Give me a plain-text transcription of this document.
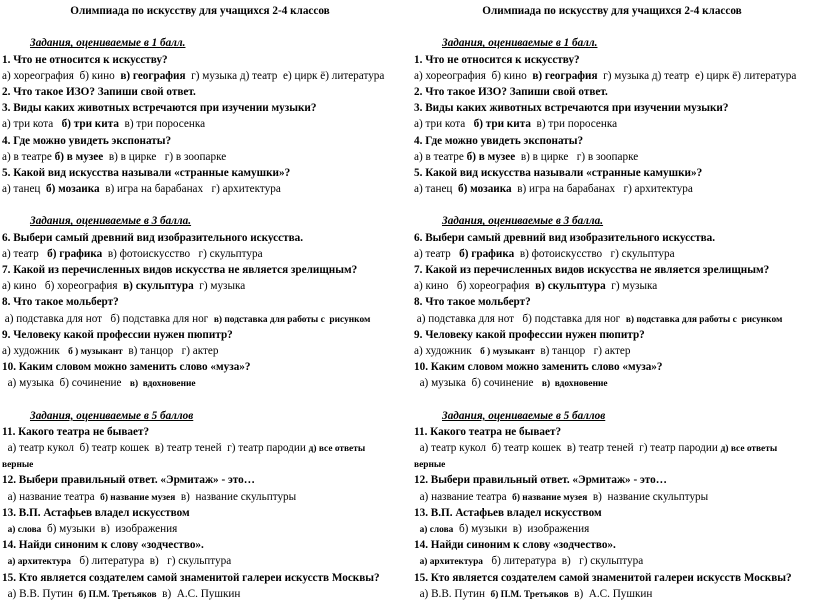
Олимпиада по искусству для учащихся 2-4 классов
Задания, оцениваемые в 1 балл.
1. Что не относится к искусству?
а) хореография  б) кино  в) география  г) музыка д) театр  е) цирк ё) литература
2. Что такое ИЗО? Запиши свой ответ.
3. Виды каких животных встречаются при изучении музыки?
а) три кота   б) три кита  в) три поросенка
4. Где можно увидеть экспонаты?
а) в театре б) в музее  в) в цирке   г) в зоопарке
5. Какой вид искусства называли «странные камушки»?
а) танец  б) мозаика  в) игра на барабанах   г) архитектура
Задания, оцениваемые в 3 балла.
6. Выбери самый древний вид изобразительного искусства.
а) театр   б) графика  в) фотоискусство   г) скульптура
7. Какой из перечисленных видов искусства не является зрелищным?
а) кино   б) хореография  в) скульптура  г) музыка
8. Что такое мольберт?
а) подставка для нот   б) подставка для ног  в) подставка для работы с  рисунком
9. Человеку какой профессии нужен пюпитр?
а) художник   б ) музыкант  в) танцор   г) актер
10. Каким словом можно заменить слово «муза»?
а) музыка  б) сочинение   в)  вдохновение
Задания, оцениваемые в 5 баллов
11. Какого театра не бывает?
а) театр кукол  б) театр кошек  в) театр теней  г) театр пародии д) все ответы
верные
12. Выбери правильный ответ. «Эрмитаж» - это…
а) название театра  б) название музея  в)  название скульптуры
13. В.П. Астафьев владел искусством
а) слова  б) музыки  в)  изображения
14. Найди синоним к слову «зодчество».
а) архитектура   б) литература  в)   г) скульптура
15. Кто является создателем самой знаменитой галереи искусств Москвы?
а) В.В. Путин  б) П.М. Третьяков  в)  А.С. Пушкин
Олимпиада по искусству для учащихся 2-4 классов
Задания, оцениваемые в 1 балл.
1. Что не относится к искусству?
а) хореография  б) кино  в) география  г) музыка д) театр  е) цирк ё) литература
2. Что такое ИЗО? Запиши свой ответ.
3. Виды каких животных встречаются при изучении музыки?
а) три кота   б) три кита  в) три поросенка
4. Где можно увидеть экспонаты?
а) в театре б) в музее  в) в цирке   г) в зоопарке
5. Какой вид искусства называли «странные камушки»?
а) танец  б) мозаика  в) игра на барабанах   г) архитектура
Задания, оцениваемые в 3 балла.
6. Выбери самый древний вид изобразительного искусства.
а) театр   б) графика  в) фотоискусство   г) скульптура
7. Какой из перечисленных видов искусства не является зрелищным?
а) кино   б) хореография  в) скульптура  г) музыка
8. Что такое мольберт?
а) подставка для нот   б) подставка для ног  в) подставка для работы с  рисунком
9. Человеку какой профессии нужен пюпитр?
а) художник   б ) музыкант  в) танцор   г) актер
10. Каким словом можно заменить слово «муза»?
а) музыка  б) сочинение   в)  вдохновение
Задания, оцениваемые в 5 баллов
11. Какого театра не бывает?
а) театр кукол  б) театр кошек  в) театр теней  г) театр пародии д) все ответы
верные
12. Выбери правильный ответ. «Эрмитаж» - это…
а) название театра  б) название музея  в)  название скульптуры
13. В.П. Астафьев владел искусством
а) слова  б) музыки  в)  изображения
14. Найди синоним к слову «зодчество».
а) архитектура   б) литература  в)   г) скульптура
15. Кто является создателем самой знаменитой галереи искусств Москвы?
а) В.В. Путин  б) П.М. Третьяков  в)  А.С. Пушкин
